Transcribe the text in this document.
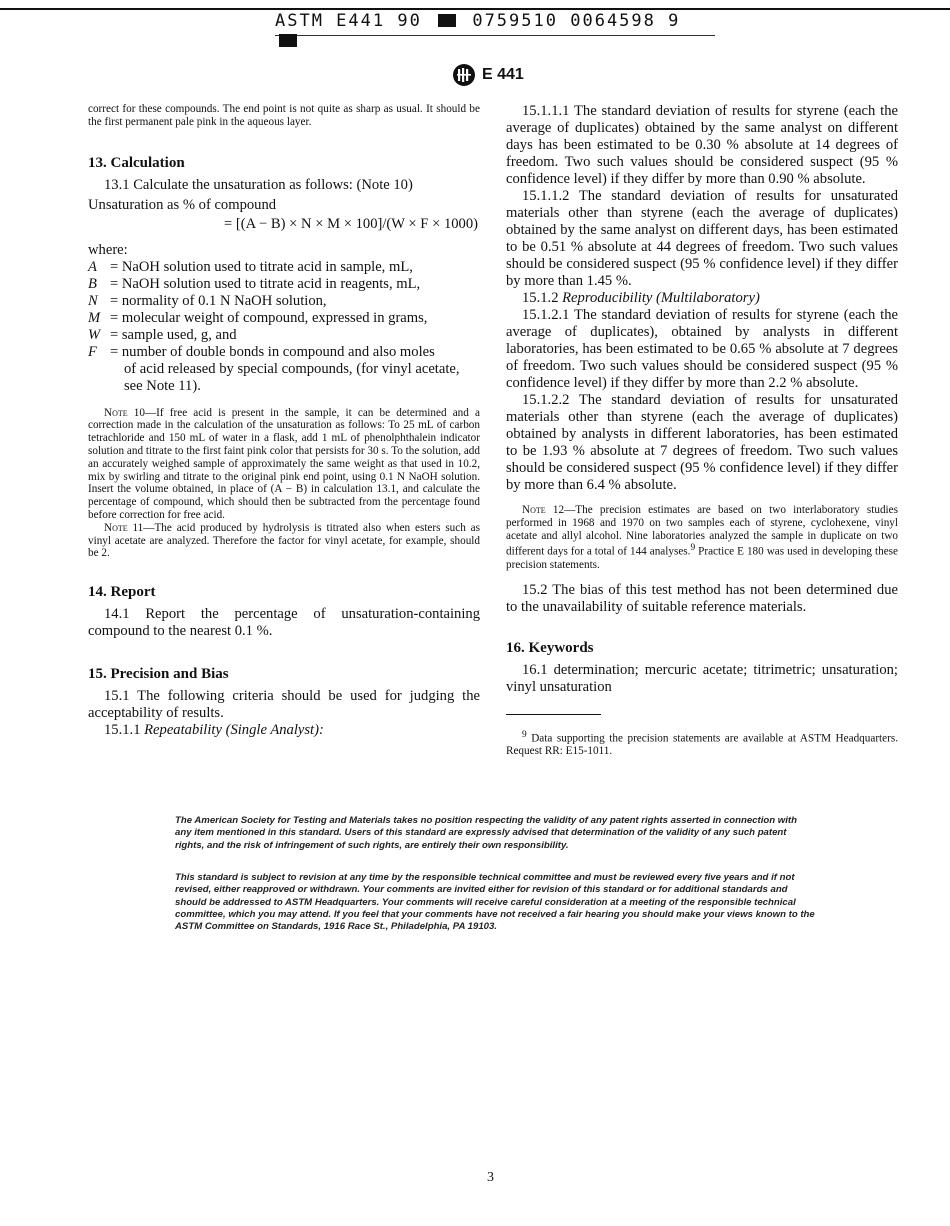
ASTM E441 90	0759510 0064598 9
E 441

correct for these compounds. The end point is not quite as sharp as usual. It should be the first permanent pale pink in the aqueous layer.

13. Calculation

13.1 Calculate the unsaturation as follows: (Note 10)

Unsaturation as % of compound

= [(A − B) × N × M × 100]/(W × F × 1000)

where:

A = NaOH solution used to titrate acid in sample, mL,
B = NaOH solution used to titrate acid in reagents, mL,
N = normality of 0.1 N NaOH solution,
M = molecular weight of compound, expressed in grams,
W = sample used, g, and
F = number of double bonds in compound and also moles
of acid released by special compounds, (for vinyl acetate, see Note 11).

Note 10—If free acid is present in the sample, it can be determined and a correction made in the calculation of the unsaturation as follows: To 25 mL of carbon tetrachloride and 150 mL of water in a flask, add 1 mL of phenolphthalein indicator solution and titrate to the first faint pink color that persists for 30 s. To the solution, add an accurately weighed sample of approximately the same weight as that used in 10.2, mix by swirling and titrate to the original pink end point, using 0.1 N NaOH solution. Insert the volume obtained, in place of (A − B) in calculation 13.1, and calculate the percentage of compound, which should then be subtracted from the percentage found before correction for free acid.

Note 11—The acid produced by hydrolysis is titrated also when esters such as vinyl acetate are analyzed. Therefore the factor for vinyl acetate, for example, should be 2.

14. Report

14.1 Report the percentage of unsaturation-containing compound to the nearest 0.1 %.

15. Precision and Bias

15.1 The following criteria should be used for judging the acceptability of results.

15.1.1 Repeatability (Single Analyst):

15.1.1.1 The standard deviation of results for styrene (each the average of duplicates) obtained by the same analyst on different days has been estimated to be 0.30 % absolute at 14 degrees of freedom. Two such values should be considered suspect (95 % confidence level) if they differ by more than 0.90 % absolute.

15.1.1.2 The standard deviation of results for unsaturated materials other than styrene (each the average of duplicates) obtained by the same analyst on different days, has been estimated to be 0.51 % absolute at 44 degrees of freedom. Two such values should be considered suspect (95 % confidence level) if they differ by more than 1.45 %.

15.1.2 Reproducibility (Multilaboratory)

15.1.2.1 The standard deviation of results for styrene (each the average of duplicates), obtained by analysts in different laboratories, has been estimated to be 0.65 % absolute at 7 degrees of freedom. Two such values should be considered suspect (95 % confidence level) if they differ by more than 2.2 % absolute.

15.1.2.2 The standard deviation of results for unsaturated materials other than styrene (each the average of duplicates) obtained by analysts in different laboratories, has been estimated to be 1.93 % absolute at 7 degrees of freedom. Two such values should be considered suspect (95 % confidence level) if they differ by more than 6.4 % absolute.

Note 12—The precision estimates are based on two interlaboratory studies performed in 1968 and 1970 on two samples each of styrene, cyclohexene, vinyl acetate and allyl alcohol. Nine laboratories analyzed the sample in duplicate on two different days for a total of 144 analyses.$^9$ Practice E 180 was used in developing these precision statements.

15.2 The bias of this test method has not been determined due to the unavailability of suitable reference materials.

16. Keywords

16.1 determination; mercuric acetate; titrimetric; unsaturation; vinyl unsaturation

$^9$ Data supporting the precision statements are available at ASTM Headquarters. Request RR: E15-1011.

The American Society for Testing and Materials takes no position respecting the validity of any patent rights asserted in connection with any item mentioned in this standard. Users of this standard are expressly advised that determination of the validity of any such patent rights, and the risk of infringement of such rights, are entirely their own responsibility.

This standard is subject to revision at any time by the responsible technical committee and must be reviewed every five years and if not revised, either reapproved or withdrawn. Your comments are invited either for revision of this standard or for additional standards and should be addressed to ASTM Headquarters. Your comments will receive careful consideration at a meeting of the responsible technical committee, which you may attend. If you feel that your comments have not received a fair hearing you should make your views known to the ASTM Committee on Standards, 1916 Race St., Philadelphia, PA 19103.

3
